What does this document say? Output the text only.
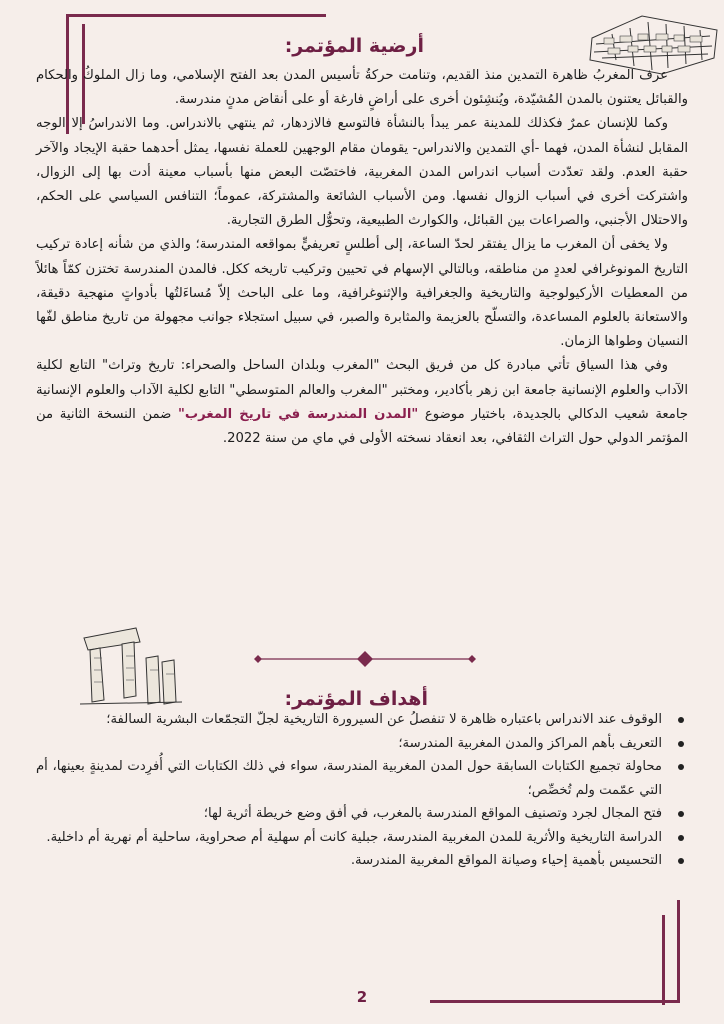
أرضية المؤتمر:

عرف المغربُ ظاهرة التمدين منذ القديم، وتنامت حركةُ تأسيس المدن بعد الفتح الإسلامي، وما زال الملوكُ والحكام والقبائل يعتنون بالمدن المُشيّدة، ويُنشِئون أخرى على أراضٍ فارغة أو على أنقاض مدنٍ مندرسة.

وكما للإنسان عمرٌ فكذلك للمدينة عمر يبدأ بالنشأة فالتوسع فالازدهار، ثم ينتهي بالاندراس. وما الاندراسُ إلا الوجه المقابل لنشأة المدن، فهما -أي التمدين والاندراس- يقومان مقام الوجهين للعملة نفسها، يمثل أحدهما حقبة الإيجاد والآخر حقبة العدم. ولقد تعدّدت أسباب اندراس المدن المغربية، فاختصّت البعض منها بأسباب معينة أدت بها إلى الزوال، واشتركت أخرى في أسباب الزوال نفسها. ومن الأسباب الشائعة والمشتركة، عموماً؛ التنافس السياسي على الحكم، والاحتلال الأجنبي، والصراعات بين القبائل، والكوارث الطبيعية، وتحوُّل الطرق التجارية.

ولا يخفى أن المغرب ما يزال يفتقر لحدّ الساعة، إلى أطلسٍ تعريفيٍّ بمواقعه المندرسة؛ والذي من شأنه إعادة تركيب التاريخ المونوغرافي لعددٍ من مناطقه، وبالتالي الإسهام في تحيين وتركيب تاريخه ككل. فالمدن المندرسة تختزن كمّاً هائلاً من المعطيات الأركيولوجية والتاريخية والجغرافية والإثنوغرافية، وما على الباحث إلاّ مُساءَلتُها بأدواتٍ منهجية دقيقة، والاستعانة بالعلوم المساعدة، والتسلّح بالعزيمة والمثابرة والصبر، في سبيل استجلاء جوانب مجهولة من تاريخ مناطق لفّها النسيان وطواها الزمان.

وفي هذا السياق تأتي مبادرة كل من فريق البحث "المغرب وبلدان الساحل والصحراء: تاريخ وتراث" التابع لكلية الآداب والعلوم الإنسانية جامعة ابن زهر بأكادير، ومختبر "المغرب والعالم المتوسطي" التابع لكلية الآداب والعلوم الإنسانية جامعة شعيب الدكالي بالجديدة، باختيار موضوع "المدن المندرسة في تاريخ المغرب" ضمن النسخة الثانية من المؤتمر الدولي حول التراث الثقافي، بعد انعقاد نسخته الأولى في ماي من سنة 2022.

أهداف المؤتمر:
الوقوف عند الاندراس باعتباره ظاهرة لا تنفصلُ عن السيرورة التاريخية لجلّ التجمّعات البشرية السالفة؛
التعريف بأهم المراكز والمدن المغربية المندرسة؛
محاولة تجميع الكتابات السابقة حول المدن المغربية المندرسة، سواء في ذلك الكتابات التي أُفرِدت لمدينةٍ بعينها، أم التي عمّمت ولم تُخصِّص؛
فتح المجال لجرد وتصنيف المواقع المندرسة بالمغرب، في أفق وضع خريطة أثرية لها؛
الدراسة التاريخية والأثرية للمدن المغربية المندرسة، جبلية كانت أم سهلية أم صحراوية، ساحلية أم نهرية أم داخلية.
التحسيس بأهمية إحياء وصيانة المواقع المغربية المندرسة.
2
